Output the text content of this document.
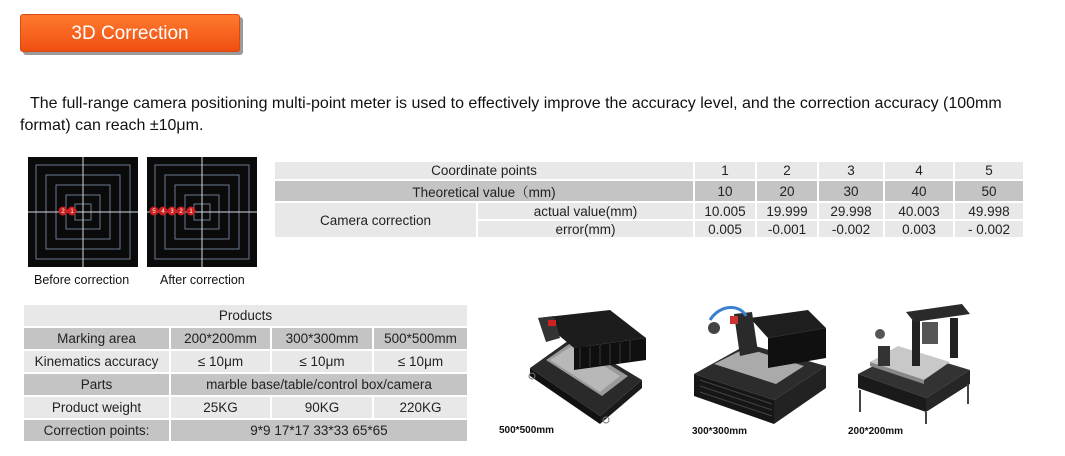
3D Correction
The full-range camera positioning multi-point meter is used to effectively improve the accuracy level, and the correction accuracy (100mm format) can reach ±10μm.
2 1
Before correction
5 4 3 2 1
After correction
Coordinate points		1	2	3	4	5
Theoretical value（mm)		10	20	30	40	50
Camera correction	actual value(mm)	10.005	19.999	29.998	40.003	49.998
	error(mm)	0.005	-0.001	-0.002	0.003	- 0.002
Products			
Marking area	200*200mm	300*300mm	500*500mm
Kinematics accuracy	≤ 10μm	≤ 10μm	≤ 10μm
Parts	marble base/table/control box/camera		
Product weight	25KG	90KG	220KG
Correction points:	9*9 17*17 33*33 65*65			500*500mm	300*300mm	200*200mm
